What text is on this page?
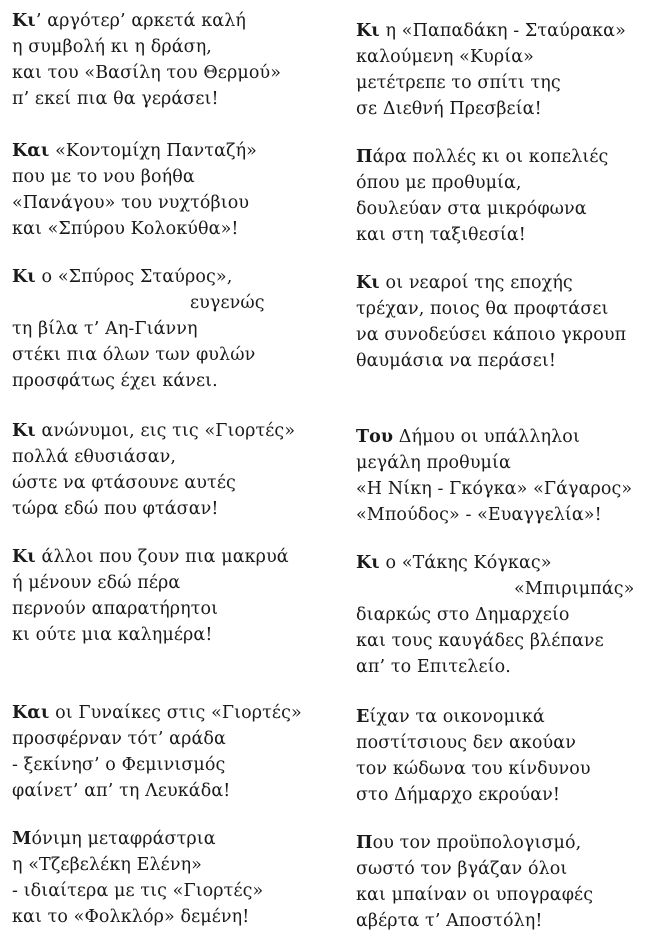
Κι’ αργότερ’ αρκετά καλή
η συμβολή κι η δράση,
και του «Βασίλη του Θερμού»
π’ εκεί πια θα γεράσει!
Και «Κοντομίχη Πανταζή»
που με το νου βοήθα
«Πανάγου» του νυχτόβιου
και «Σπύρου Κολοκύθα»!
Κι ο «Σπύρος Σταύρος»,
ευγενώς
τη βίλα τ’ Αη-Γιάννη
στέκι πια όλων των φυλών
προσφάτως έχει κάνει.
Κι ανώνυμοι, εις τις «Γιορτές»
πολλά εθυσιάσαν,
ώστε να φτάσουνε αυτές
τώρα εδώ που φτάσαν!
Κι άλλοι που ζουν πια μακρυά
ή μένουν εδώ πέρα
περνούν απαρατήρητοι
κι ούτε μια καλημέρα!
Και οι Γυναίκες στις «Γιορτές»
προσφέρναν τότ’ αράδα
- ξεκίνησ’ ο Φεμινισμός
φαίνετ’ απ’ τη Λευκάδα!
Μόνιμη μεταφράστρια
η «Τζεβελέκη Ελένη»
- ιδιαίτερα με τις «Γιορτές»
και το «Φολκλόρ» δεμένη!
Κι η «Παπαδάκη - Σταύρακα»
καλούμενη «Κυρία»
μετέτρεπε το σπίτι της
σε Διεθνή Πρεσβεία!
Πάρα πολλές κι οι κοπελιές
όπου με προθυμία,
δουλεύαν στα μικρόφωνα
και στη ταξιθεσία!
Κι οι νεαροί της εποχής
τρέχαν, ποιος θα προφτάσει
να συνοδεύσει κάποιο γκρουπ
θαυμάσια να περάσει!
Του Δήμου οι υπάλληλοι
μεγάλη προθυμία
«Η Νίκη - Γκόγκα» «Γάγαρος»
«Μπούδος» - «Ευαγγελία»!
Κι ο «Τάκης Κόγκας»
«Μπιριμπάς»
διαρκώς στο Δημαρχείο
και τους καυγάδες βλέπανε
απ’ το Επιτελείο.
Είχαν τα οικονομικά
ποστίτσιους δεν ακούαν
τον κώδωνα του κίνδυνου
στο Δήμαρχο εκρούαν!
Που τον προϋπολογισμό,
σωστό τον βγάζαν όλοι
και μπαίναν οι υπογραφές
αβέρτα τ’ Αποστόλη!
